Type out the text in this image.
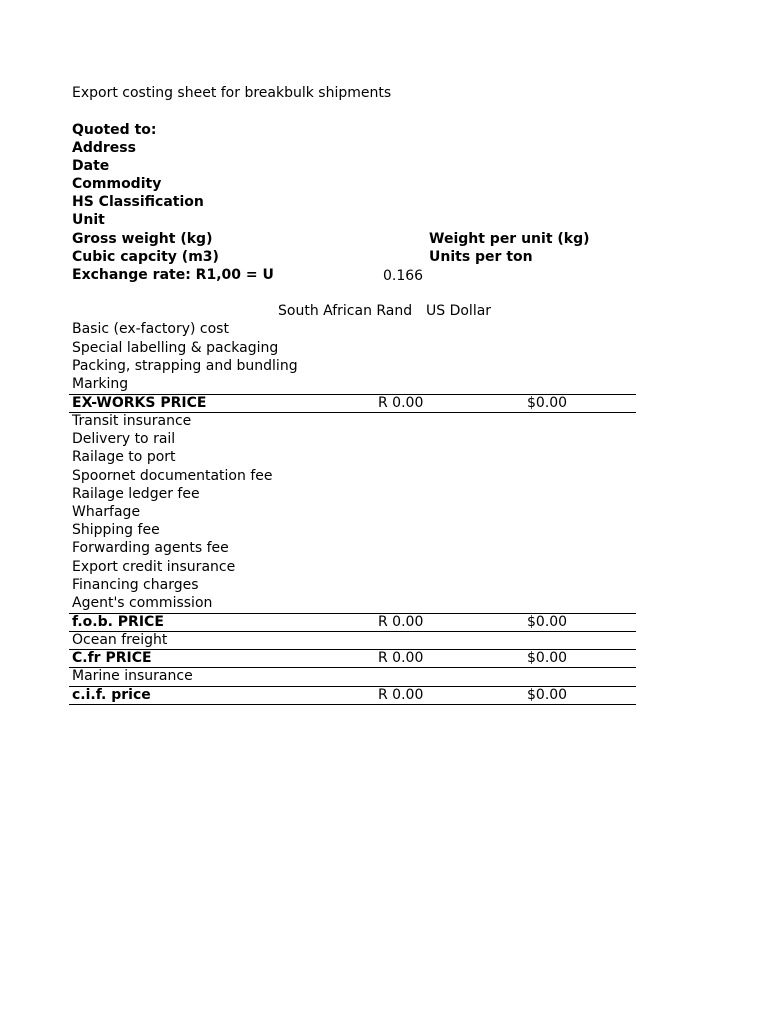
Export costing sheet for breakbulk shipments
Quoted to:
Address
Date
Commodity
HS Classification
Unit
Gross weight (kg)	Weight per unit (kg)
Cubic capcity (m3)	Units per ton
Exchange rate: R1,00 = U	0.166
South African Rand US Dollar
Basic (ex-factory) cost
Special labelling & packaging
Packing, strapping and bundling
Marking
EX-WORKS PRICE	R 0.00	$0.00
Transit insurance
Delivery to rail
Railage to port
Spoornet documentation fee
Railage ledger fee
Wharfage
Shipping fee
Forwarding agents fee
Export credit insurance
Financing charges
Agent's commission
f.o.b. PRICE	R 0.00	$0.00
Ocean freight
C.fr PRICE	R 0.00	$0.00
Marine insurance
c.i.f. price	R 0.00	$0.00
